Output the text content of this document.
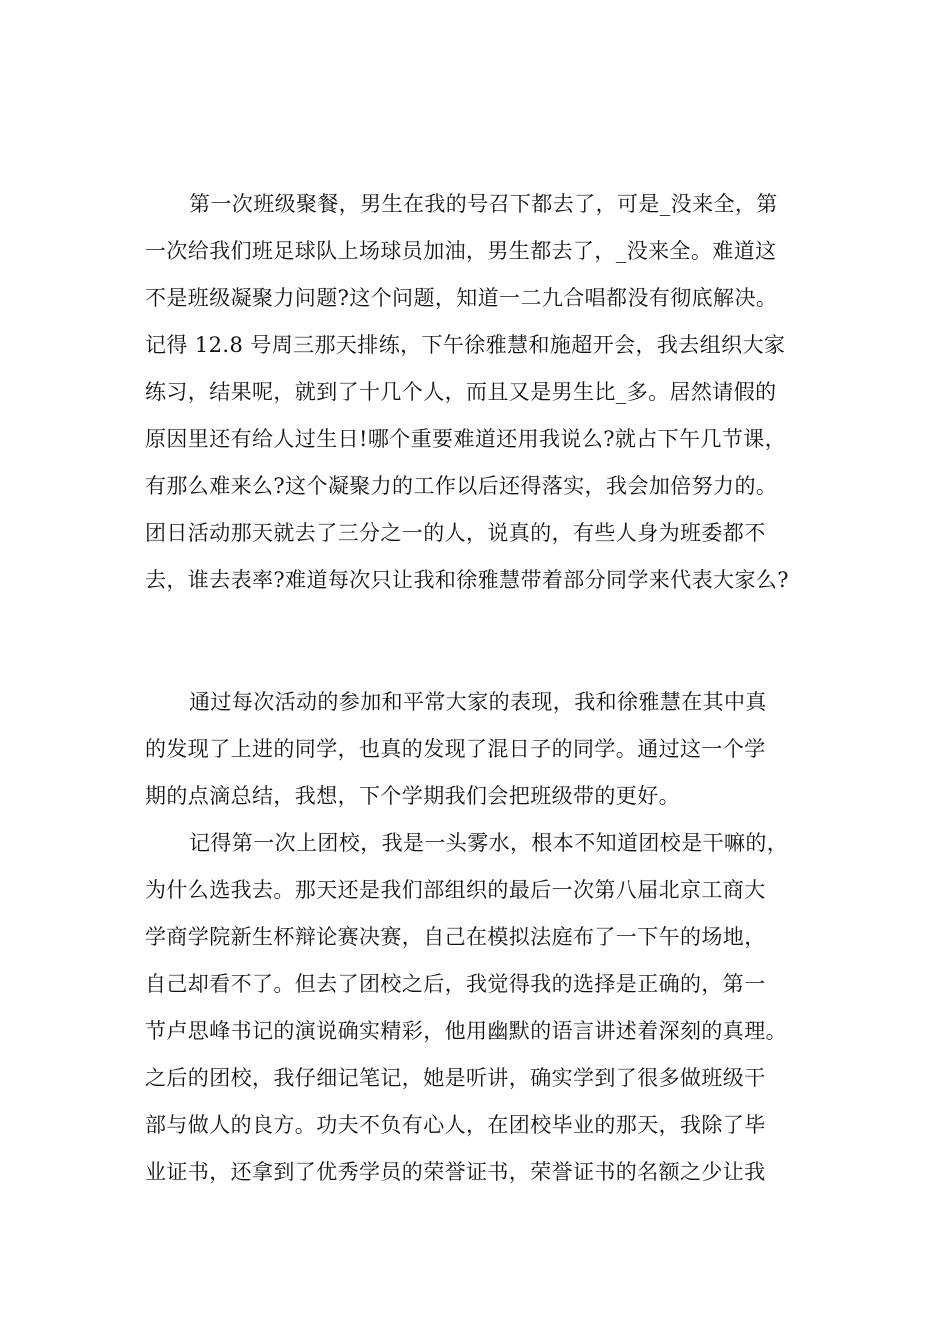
第一次班级聚餐，男生在我的号召下都去了，可是_没来全，第
一次给我们班足球队上场球员加油，男生都去了，_没来全。难道这
不是班级凝聚力问题?这个问题，知道一二九合唱都没有彻底解决。
记得 12.8 号周三那天排练，下午徐雅慧和施超开会，我去组织大家
练习，结果呢，就到了十几个人，而且又是男生比_多。居然请假的
原因里还有给人过生日!哪个重要难道还用我说么?就占下午几节课，
有那么难来么?这个凝聚力的工作以后还得落实，我会加倍努力的。
团日活动那天就去了三分之一的人，说真的，有些人身为班委都不
去，谁去表率?难道每次只让我和徐雅慧带着部分同学来代表大家么?
通过每次活动的参加和平常大家的表现，我和徐雅慧在其中真
的发现了上进的同学，也真的发现了混日子的同学。通过这一个学
期的点滴总结，我想，下个学期我们会把班级带的更好。
记得第一次上团校，我是一头雾水，根本不知道团校是干嘛的，
为什么选我去。那天还是我们部组织的最后一次第八届北京工商大
学商学院新生杯辩论赛决赛，自己在模拟法庭布了一下午的场地，
自己却看不了。但去了团校之后，我觉得我的选择是正确的，第一
节卢思峰书记的演说确实精彩，他用幽默的语言讲述着深刻的真理。
之后的团校，我仔细记笔记，她是听讲，确实学到了很多做班级干
部与做人的良方。功夫不负有心人，在团校毕业的那天，我除了毕
业证书，还拿到了优秀学员的荣誉证书，荣誉证书的名额之少让我
